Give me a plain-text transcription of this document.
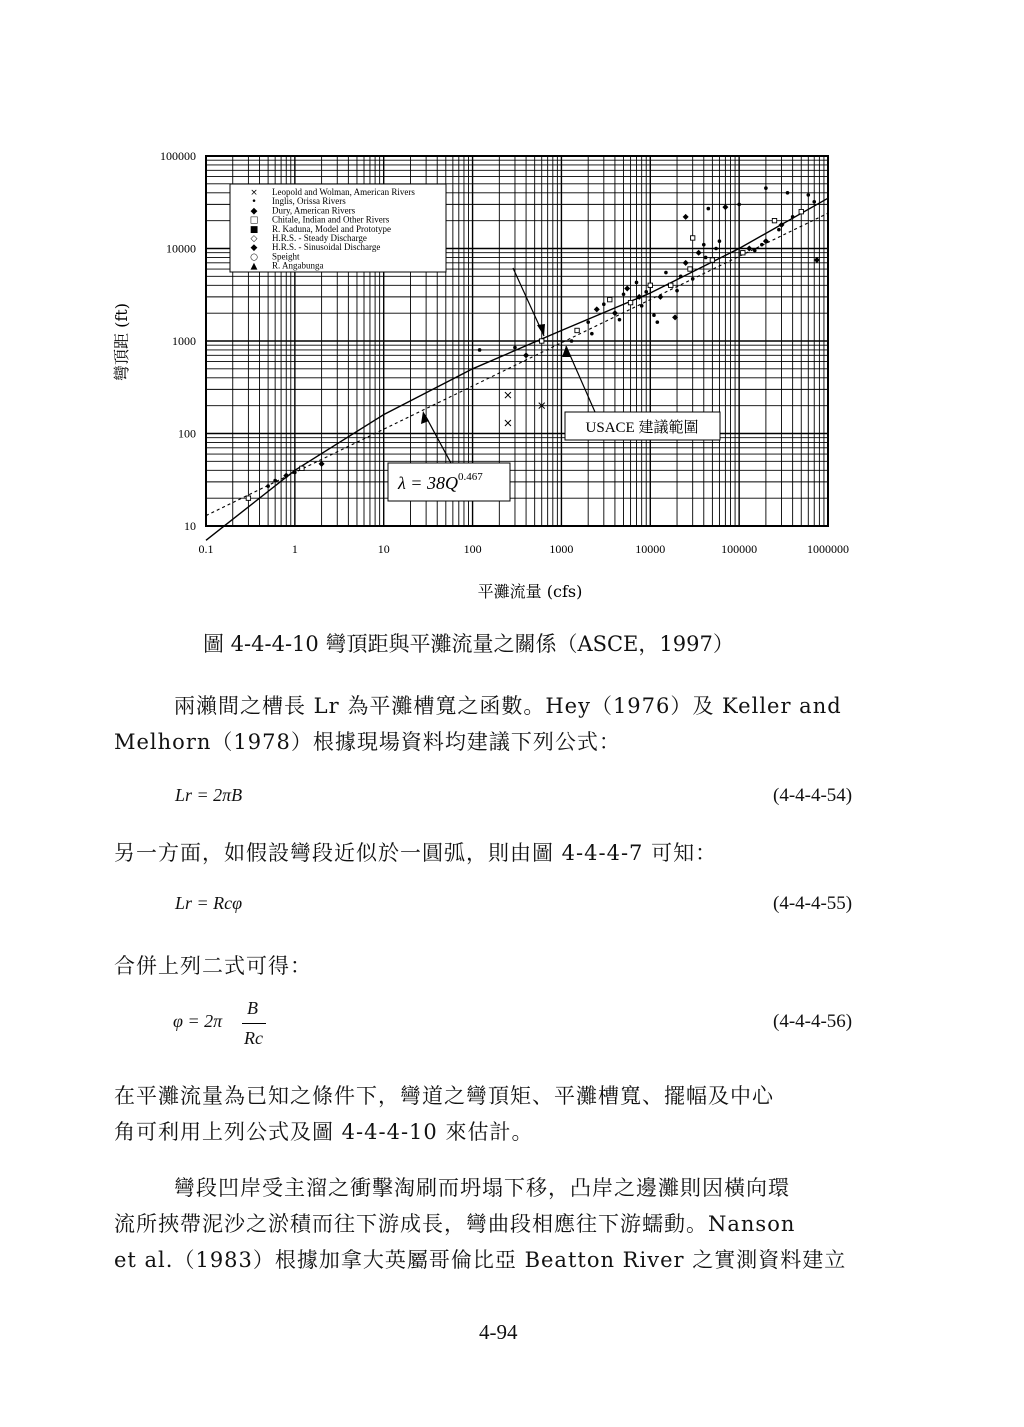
0.1	1	10	100	1000	10000	100000	1000000
10
100
1000
10000
100000
× Leopold and Wolman, American Rivers
• Inglis, Orissa Rivers
◆ Dury, American Rivers
□ Chitale, Indian and Other Rivers
■ R. Kaduna, Model and Prototype
◇ H.R.S. - Steady Discharge
◆ H.R.S. - Sinusoidal Discharge
○ Speight
▲ R. Angabunga
USACE 建議範圍
$\lambda = 38Q^{0.467}$
平灘流量 (cfs)
彎頂距 (ft)
圖 4-4-4-10 彎頂距與平灘流量之關係（ASCE，1997）
兩瀨間之槽長 Lr 為平灘槽寬之函數。Hey（1976）及 Keller and
Melhorn（1978）根據現場資料均建議下列公式：
Lr = 2πB	(4-4-4-54)
另一方面，如假設彎段近似於一圓弧，則由圖 4-4-4-7 可知：
Lr = Rcφ	(4-4-4-55)
合併上列二式可得：
φ = 2π
B
Rc
(4-4-4-56)
在平灘流量為已知之條件下，彎道之彎頂矩、平灘槽寬、擺幅及中心
角可利用上列公式及圖 4-4-4-10 來估計。
彎段凹岸受主溜之衝擊淘刷而坍塌下移，凸岸之邊灘則因橫向環
流所挾帶泥沙之淤積而往下游成長，彎曲段相應往下游蠕動。Nanson
et al.（1983）根據加拿大英屬哥倫比亞 Beatton River 之實測資料建立
4-94
